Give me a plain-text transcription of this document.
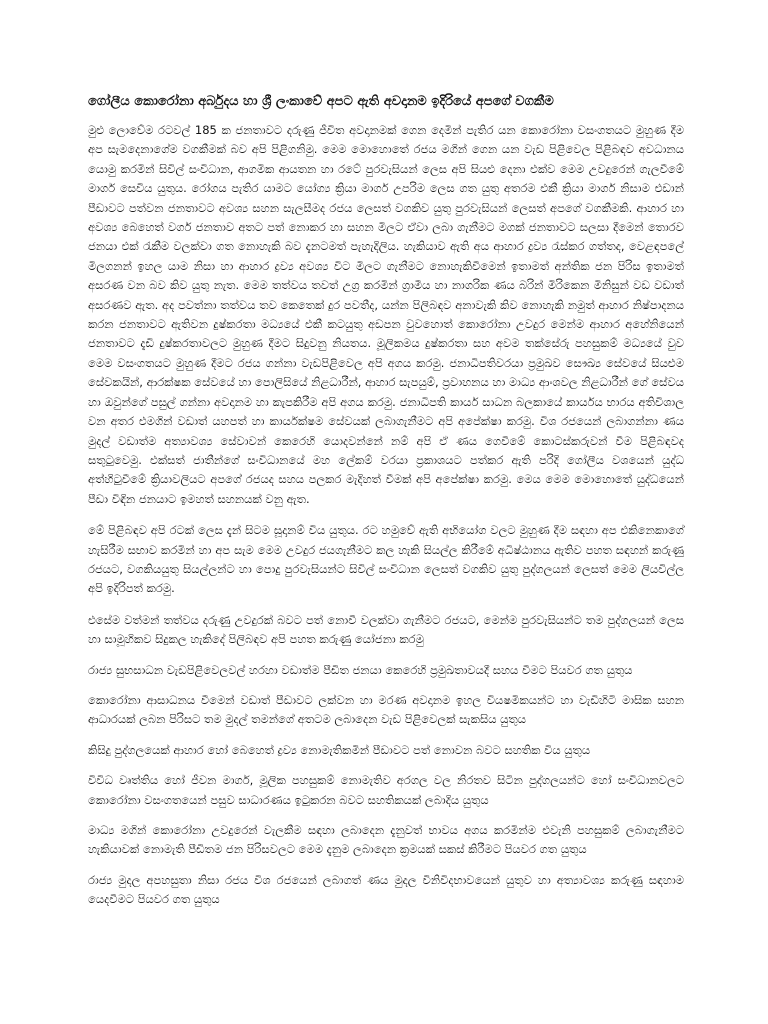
ගෝලීය කොරෝනා අර්බුදය හා ශ්‍රී ලංකාවේ අපට ඇති අවදානම ඉදිරියේ අපගේ වගකීම

මුළු ලොවේම රටවල් 185 ක ජනතාවට දරුණු ජීවිත අවදානමක් ගෙන දෙමින් පැතිර යන කොරෝනා වසංගතයට මුහුණ දීම අප සැමදෙනාගේම වගකීමක් බව අපි පිළිගනිමු. මෙම මොහොතේ රජය මගින් ගෙන යන වැඩ පිළිවෙල පිළිබඳව අවධානය යොමු කරමින් සිවිල් සංවිධාන, ආගමික ආයතන හා රටේ පුරවැසියන් ලෙස අපි සියළු දෙනා එක්ව මෙම උවදුරෙන් ගැලවීමේ මාර්ග සෙවිය යුතුය. රෝගය පැතිර යාමට යෝග්‍ය ක්‍රියා මාර්ග උපරිම ලෙස ගත යුතු අතරම එකී ක්‍රියා මාර්ග නිසාම එඩාන් පීඩාවට පත්වන ජනතාවට අවශ්‍ය සහන සැලසීමද රජය ලෙසත් වගකිව යුතු පුරවැසියන් ලෙසත් අපගේ වගකීමකි. ආහාර හා අවශ්‍ය බෙහෙත් වර්ග ජනතාව අතට පත් නොකර හා සහන මිලට ඒවා ලබා ගැනීමට මගක් ජනතාවට සලසා දීමෙන් තොරව ජනයා එක් රැකීම වලක්වා ගත නොහැකි බව දැනටමත් පැහැදිලිය. හැකියාව ඇති අය ආහාර ද්‍රව්‍ය රැස්කර ගත්තද, වෙළඳපලේ මිලගනන් ඉහල යාම නිසා හා ආහාර ද්‍රව්‍ය අවශ්‍ය විට මිලට ගැනීමට නොහැකිවීමෙන් ඉතාමත් අන්තික ජන පිරිස ඉතාමත් අසරණ වන බව කිව යුතු නැත. මෙම තත්වය තවත් උග්‍ර කරමින් ග්‍රාමීය හා නාගරික ණය බරින් මිරිකෙන මිනිසුන් වඩ වඩාත් අසරණව ඇත. අද පවත්නා තත්වය තව කෙතෙක් දුර පවතීද, යන්න පිලිබඳව අනාවැකි කිව නොහැකි නමුත් ආහාර නිෂ්පාදනය කරන ජනතාවට ඇතිවන දුෂ්කරතා මධ්‍යයේ එකී කටයුතු අඩපන වුවහොත් කොරෝනා උවදුර මෙන්ම ආහාර අහේනියෙන් ජනතාවට දැඩි දුෂ්කරතාවලට මුහුණ දීමට සිදුවනු නියතය. මූලිකමය දුෂ්කරතා සහ අවම ත​ක්සේරු පහසුකම් මධ්‍යයේ වුව මෙම වසංගතයට මුහුණ දීමට රජය ගන්නා වැඩපිළිවෙල අපි අගය කරමු. ජනාධිපතිවරයා ප්‍රමුඛව සෞඛ්‍ය සේවයේ සියළුම සේවකයින්, ආරක්ෂක සේවයේ හා පොලිසියේ නිළධාරීන්, ආහාර සැපයුම්, ප්‍රවාහනය හා මාධ්‍ය ආංශවල නිළධාරීන් ගේ සේවය හා ඔවුන්ගේ පසුල් ගන්නා අවදානම හා කැපකිරීම අපි අගය කරමු. ජනාධිපති කාර්ය සාධන බලකායේ කාර්යය භාරය අතිවිශාල වන අතර එමගින් වඩාත් යහපත් හා කාර්යක්ෂම සේවයක් ලබාගැනීමට අපි අපේක්ෂා කරමු. විශ රජයෙන් ලබාගන්නා ණය මුදල් වඩාත්ම අත්‍යාවශ්‍ය සේවාවන් කෙරෙහි යොදවන්නේ නම් අපි ඒ ණය ගෙවීමේ කොටස්කරුවන් වීම පිළිබඳවද සතුටුවෙමු. එක්සත් ජාතීන්ගේ සංවිධානයේ මහ ලේකම් වරයා ප්‍රකාශයට පත්කර ඇති පරිදි ගෝලීය වශයෙන් යුද්ධ අත්හිටුවීමේ ක්‍රියාවලියට අපගේ රජයද සහය පලකර මැදිහත් වීමක් අපි අපේක්ෂා කරමු. මෙය මෙම මොහොතේ යුද්ධයෙන් පීඩා විඳින ජනයාට ඉමහත් සහනයක් වනු ඇත.

මේ පිළිබඳව අපි රටක් ලෙස දැන් සිටම සූදානම් විය යුතුය. රට හමුවේ ඇති අභියෝග වලට මුහුණ දීම සඳහා අප එකිනෙකාගේ හැසිරීම සභාව කරමින් හා අප සැම මෙම උවදුර ජයගැනීමට කල හැකි සියල්ල කිරීමේ අධිෂ්ඨානය ඇතිව පහත සඳහන් කරුණු රජයට, වගකියයුතු සියල්ලන්ට හා පොදු පුරවැසියන්ට සිවිල් සංවිධාන ලෙසත් වගකිව යුතු පුද්ගලයන් ලෙසත් මෙම ලියවිල්ල අපි ඉදිරිපත් කරමු.

එසේම වත්මන් තත්වය දරුණු උවදුරක් බවට පත් නොවී වලක්වා ගැනීමට රජයට, මෙන්ම පුරවැසියන්ට තම පුද්ගලයන් ලෙස හා සාමූහිකව සිදුකල හැකිදේ පිලිබඳව අපි පහත කරුණු යෝජනා කරමු

රාජ්‍ය සුභසාධන වැඩපිළිවෙලවල් හරහා වඩාත්ම පීඩිත ජනයා කෙරෙහි ප්‍රමුඛතාවයදී සහය වීමට පියවර ගත යුතුය

කොරෝනා ආසාධනය වීමෙන් වඩාත් පීඩාවට ලක්වන හා මරණ අවදානම ඉහල වියෂමිකයන්ට හා වැඩිහිටි මාසික සහන ආධාරයක් ලබන පිරිසට තම මුදල් තමන්ගේ අතටම ලබාදෙන වැඩ පිළිවෙලක් සැකසිය යුතුය

කිසිදු පුද්ගලයෙක් ආහාර හෝ බෙහෙත් ද්‍රව්‍ය නොමැතිකමින් පීඩාවට පත් නොවන බවට සහතික විය යුතුය

විවිධ වෘත්තිය හෝ ජීවන මාර්ග, මූලික පහසුකම් නොමැතිව අරගල වල නිරතව සිටින පුද්ගලයන්ට හෝ සංවිධානවලට කොරෝනා වසංගතයෙන් පසුව සාධාරණය ඉටුකරන බවට සහතිකයක් ලබාදිය යුතුය

මාධ්‍ය මගින් කොරෝනා උවදුරෙන් වැලකීම සඳහා ලබාදෙන දැනුවත් භාවය අගය කරමින්ම එවැනි පහසුකම් ලබාගැනීමට හැකියාවක් නොමැති පීඩිතම ජන පිරිසවලට මෙම දැනුම ලබාදෙන ක්‍රමයක් සකස් කිරීමට පියවර ගත යුතුය

රාජ්‍ය මුදල අපහසුතා නිසා රජය විශ රජයෙන් ලබාගත් ණය මුදල විනිවිදභාවයෙන් යුතුව හා අත්‍යාවශ්‍ය කරුණු සඳහාම යෙදවීමට පියවර ගත යුතුය
